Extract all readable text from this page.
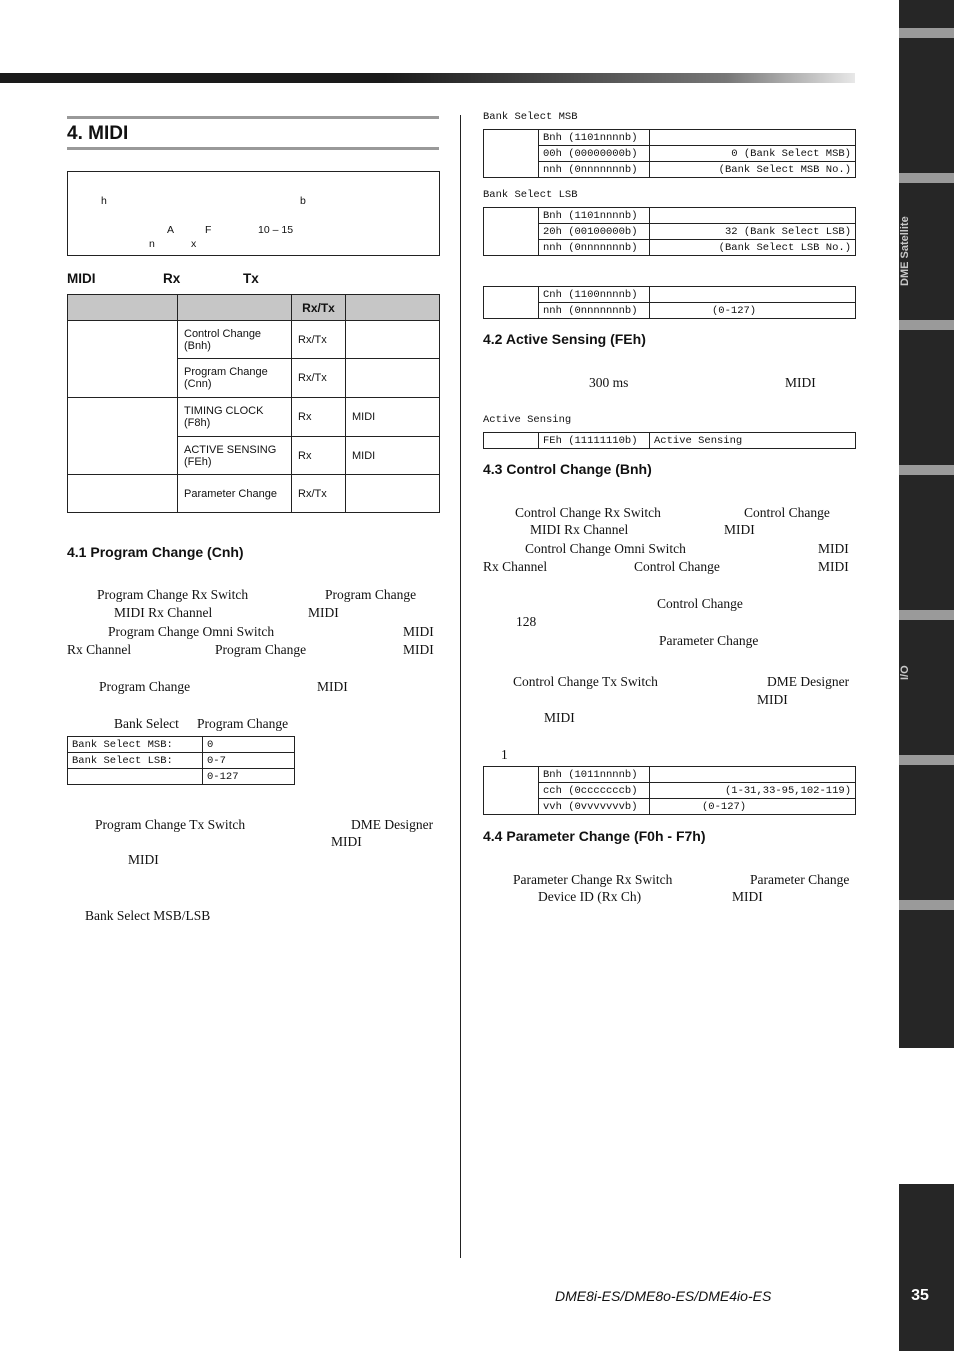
DME Satellite
I/O
35
4. MIDI
h	b
A	F	10 – 15
n	x
MIDI	Rx	Tx
		Rx/Tx	
	Control Change (Bnh)	Rx/Tx	
	Program Change (Cnn)	Rx/Tx	
	TIMING CLOCK (F8h)	Rx	MIDI
	ACTIVE SENSING (FEh)	Rx	MIDI
	Parameter Change	Rx/Tx	
4.1 Program Change (Cnh)
Program Change Rx Switch	Program Change
MIDI Rx Channel	MIDI
Program Change Omni Switch	MIDI
Rx Channel	Program Change	MIDI
Program Change	MIDI
Bank Select Program Change
Program Change Tx Switch	DME Designer
MIDI
MIDI
Bank Select MSB/LSB
Bank Select MSB:	0
Bank Select LSB:	0-7
	0-127
Bank Select MSB
	Bnh (1101nnnnb)	
	00h (00000000b)	0 (Bank Select MSB)
	nnh (0nnnnnnnb)	(Bank Select MSB No.)
Bank Select LSB
	Bnh (1101nnnnb)	
	20h (00100000b)	32 (Bank Select LSB)
	nnh (0nnnnnnnb)	(Bank Select LSB No.)
	Cnh (1100nnnnb)	
	nnh (0nnnnnnnb)	(0-127)
4.2 Active Sensing (FEh)
300 ms	MIDI
Active Sensing
	FEh (11111110b)	Active Sensing
4.3 Control Change (Bnh)
Control Change Rx Switch	Control Change
MIDI Rx Channel	MIDI
Control Change Omni Switch	MIDI
Rx Channel	Control Change	MIDI
Control Change
128
Parameter Change
Control Change Tx Switch	DME Designer
MIDI
MIDI
1
	Bnh (1011nnnnb)	
	cch (0cccccccb)	(1-31,33-95,102-119)
	vvh (0vvvvvvvb)	(0-127)
4.4 Parameter Change (F0h - F7h)
Parameter Change Rx Switch	Parameter Change
Device ID (Rx Ch)	MIDI
DME8i-ES/DME8o-ES/DME4io-ES
